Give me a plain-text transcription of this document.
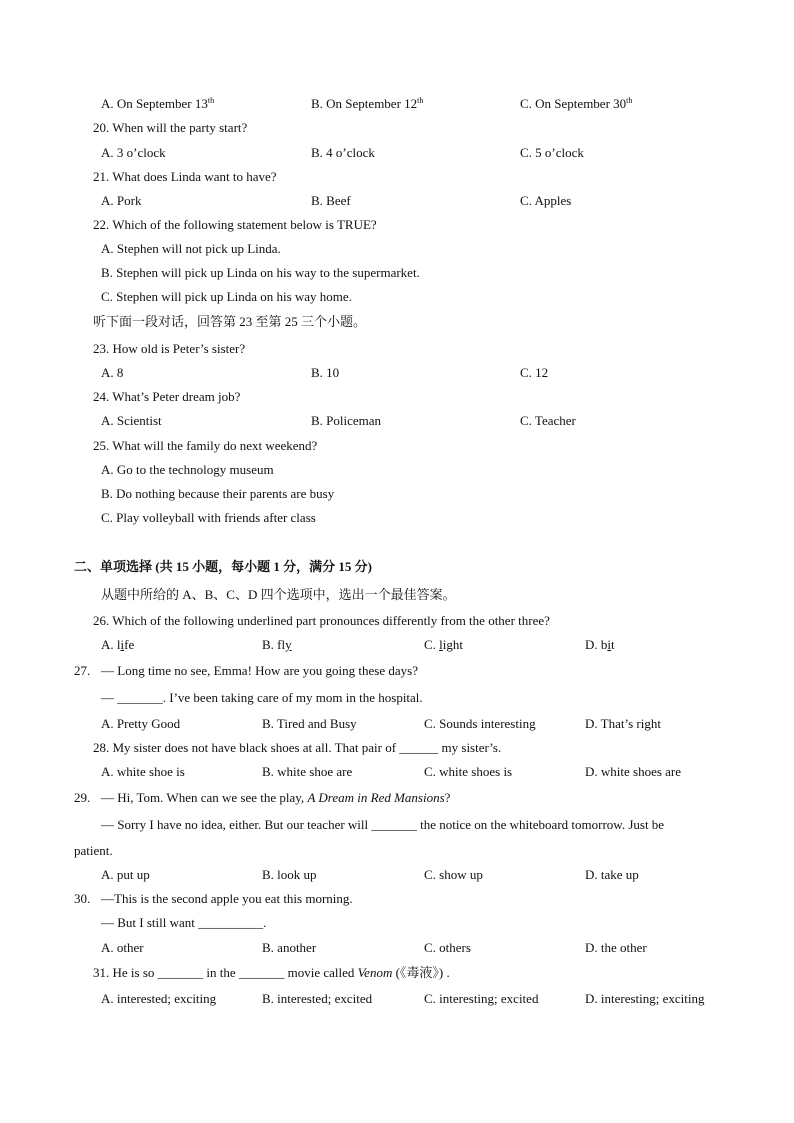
A. On September 13th	B. On September 12th	C. On September 30th
20. When will the party start?
A. 3 o’clock	B. 4 o’clock	C. 5 o’clock
21. What does Linda want to have?
A. Pork	B. Beef	C. Apples
22. Which of the following statement below is TRUE?
A. Stephen will not pick up Linda.
B. Stephen will pick up Linda on his way to the supermarket.
C. Stephen will pick up Linda on his way home.
听下面一段对话，回答第 23 至第 25 三个小题。
23. How old is Peter’s sister?
A. 8	B. 10	C. 12
24. What’s Peter dream job?
A. Scientist	B. Policeman	C. Teacher
25. What will the family do next weekend?
A. Go to the technology museum
B. Do nothing because their parents are busy
C. Play volleyball with friends after class
二、单项选择 (共 15 小题，每小题 1 分，满分 15 分)
从题中所给的 A、B、C、D 四个选项中，选出一个最佳答案。
26. Which of the following underlined part pronounces differently from the other three?
A. life	B. fly	C. light	D. bit
27. — Long time no see, Emma! How are you going these days?
— _______. I’ve been taking care of my mom in the hospital.
A. Pretty Good	B. Tired and Busy	C. Sounds interesting	D. That’s right
28. My sister does not have black shoes at all. That pair of ______ my sister’s.
A. white shoe is	B. white shoe are	C. white shoes is	D. white shoes are
29. — Hi, Tom. When can we see the play, A Dream in Red Mansions?
— Sorry I have no idea, either. But our teacher will _______ the notice on the whiteboard tomorrow. Just be
patient.
A. put up	B. look up	C. show up	D. take up
30. —This is the second apple you eat this morning.
— But I still want __________.
A. other	B. another	C. others	D. the other
31. He is so _______ in the _______ movie called Venom (《毒液》) .
A. interested; exciting	B. interested; excited	C. interesting; excited	D. interesting; exciting
